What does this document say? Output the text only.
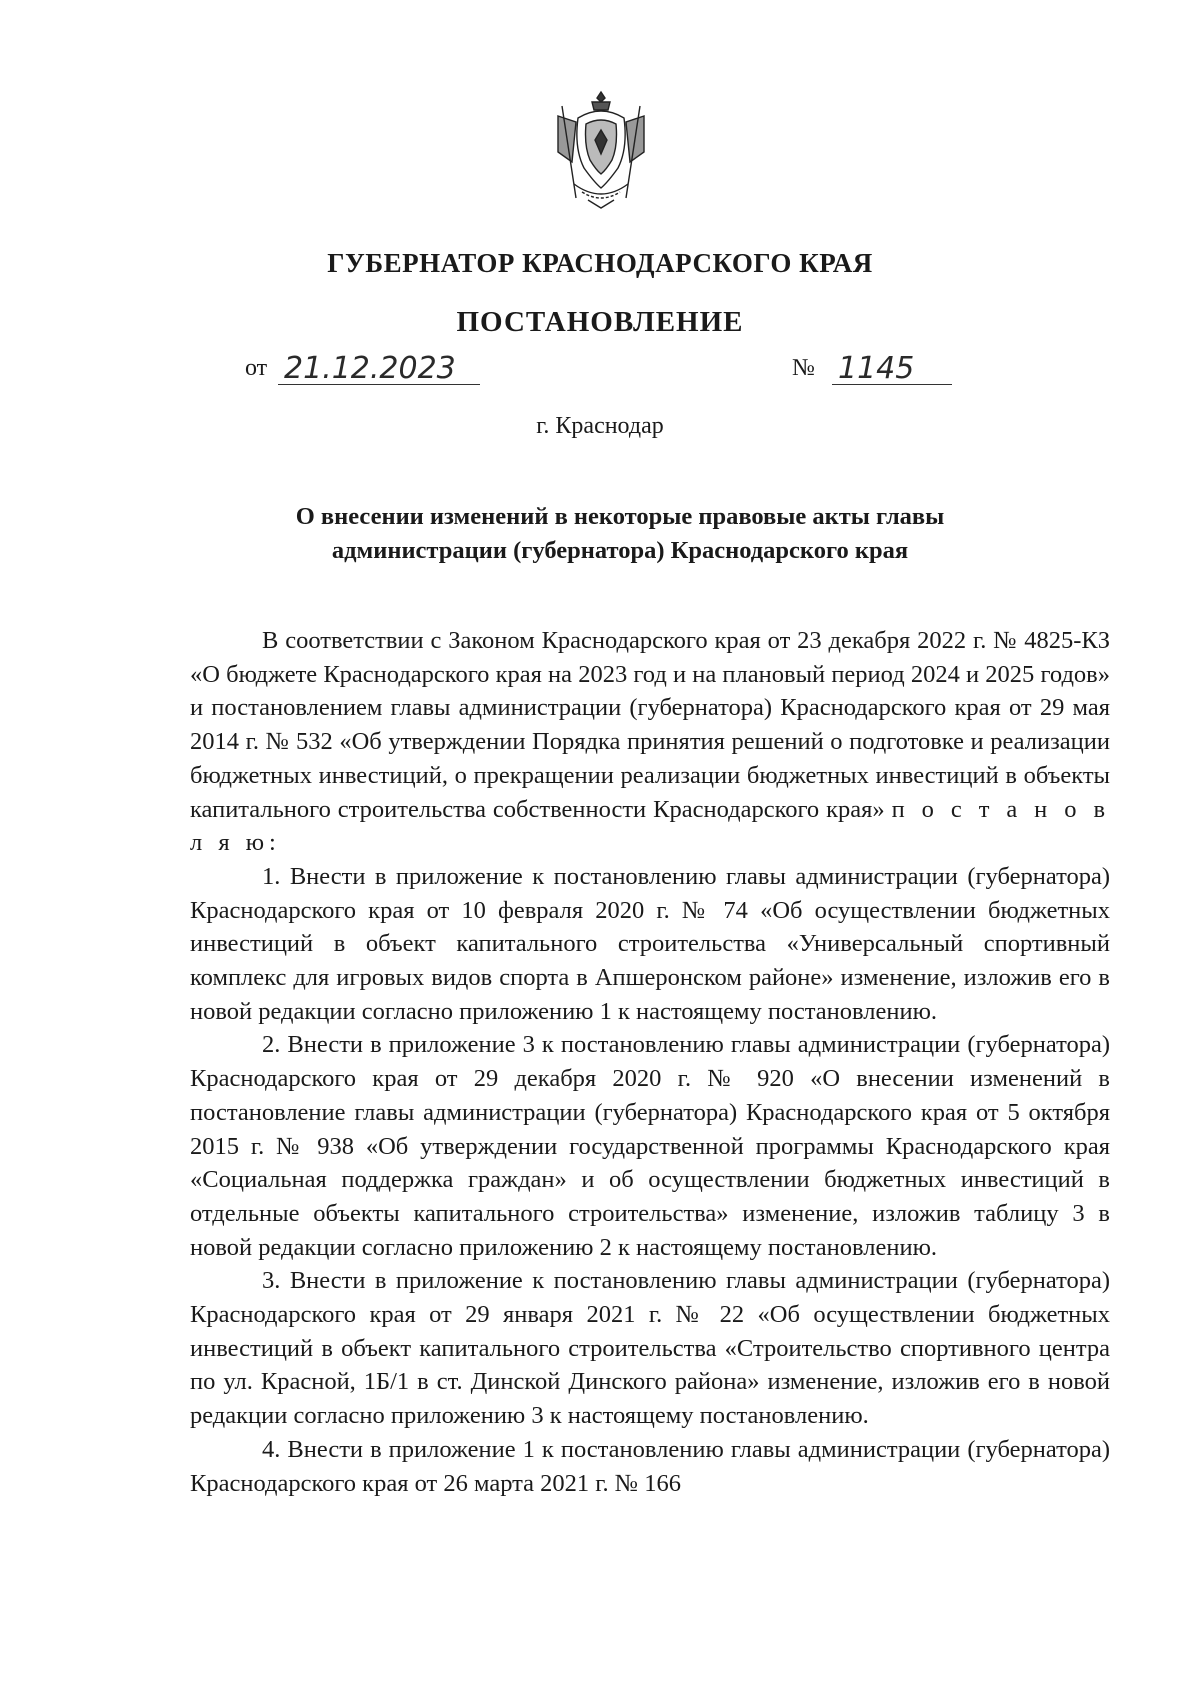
ГУБЕРНАТОР КРАСНОДАРСКОГО КРАЯ
ПОСТАНОВЛЕНИЕ
от 21.12.2023	№ 1145
г. Краснодар
О внесении изменений в некоторые правовые акты главы
администрации (губернатора) Краснодарского края

В соответствии с Законом Краснодарского края от 23 декабря 2022 г. № 4825-КЗ «О бюджете Краснодарского края на 2023 год и на плановый период 2024 и 2025 годов» и постановлением главы администрации (губернатора) Краснодарского края от 29 мая 2014 г. № 532 «Об утверждении Порядка принятия решений о подготовке и реализации бюджетных инвестиций, о прекращении реализации бюджетных инвестиций в объекты капитального строительства собственности Краснодарского края» п о с т а н о в л я ю:

1. Внести в приложение к постановлению главы администрации (губернатора) Краснодарского края от 10 февраля 2020 г. № 74 «Об осуществлении бюджетных инвестиций в объект капитального строительства «Универсальный спортивный комплекс для игровых видов спорта в Апшеронском районе» изменение, изложив его в новой редакции согласно приложению 1 к настоящему постановлению.

2. Внести в приложение 3 к постановлению главы администрации (губернатора) Краснодарского края от 29 декабря 2020 г. № 920 «О внесении изменений в постановление главы администрации (губернатора) Краснодарского края от 5 октября 2015 г. № 938 «Об утверждении государственной программы Краснодарского края «Социальная поддержка граждан» и об осуществлении бюджетных инвестиций в отдельные объекты капитального строительства» изменение, изложив таблицу 3 в новой редакции согласно приложению 2 к настоящему постановлению.

3. Внести в приложение к постановлению главы администрации (губернатора) Краснодарского края от 29 января 2021 г. № 22 «Об осуществлении бюджетных инвестиций в объект капитального строительства «Строительство спортивного центра по ул. Красной, 1Б/1 в ст. Динской Динского района» изменение, изложив его в новой редакции согласно приложению 3 к настоящему постановлению.

4. Внести в приложение 1 к постановлению главы администрации (губернатора) Краснодарского края от 26 марта 2021 г. № 166
